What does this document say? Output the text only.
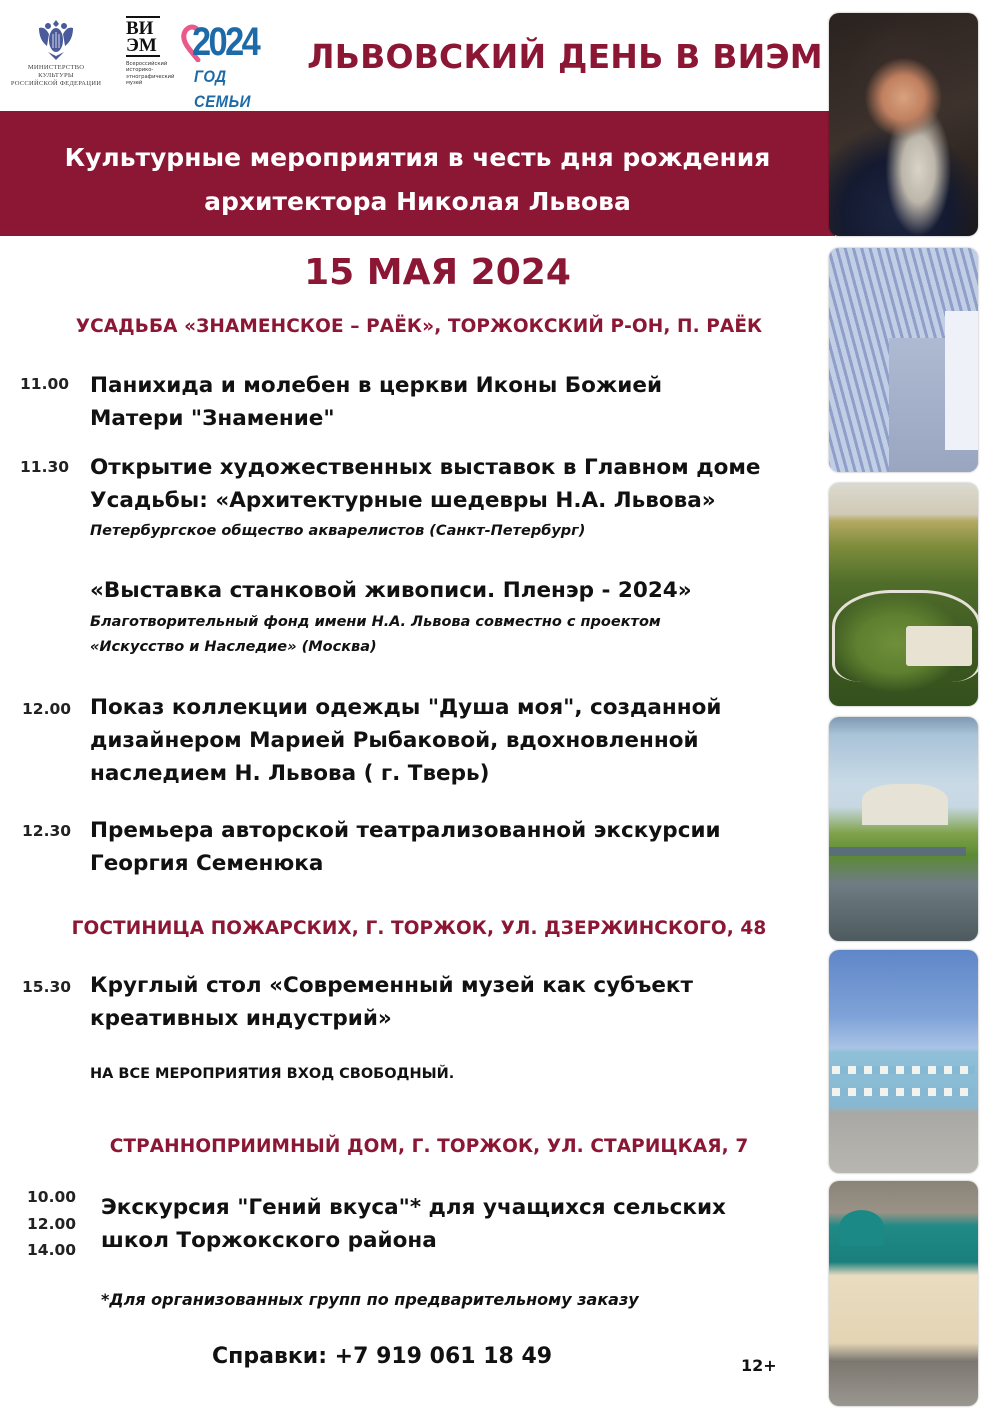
МИНИСТЕРСТВО КУЛЬТУРЫ
РОССИЙСКОЙ ФЕДЕРАЦИИ
ВИ
ЭМ
Всероссийский историко-этнографический музей
2024
ГОД СЕМЬИ
ЛЬВОВСКИЙ ДЕНЬ В ВИЭМ
Культурные мероприятия в честь дня рождения
архитектора Николая Львова
15 МАЯ 2024
УСАДЬБА «ЗНАМЕНСКОЕ – РАЁК», ТОРЖОКСКИЙ Р-ОН, П. РАЁК
11.00 Панихида и молебен в церкви Иконы Божией
Матери "Знамение"
11.30 Открытие художественных выставок в Главном доме
Усадьбы: «Архитектурные шедевры Н.А. Львова»
Петербургское общество акварелистов (Санкт-Петербург)
«Выставка станковой живописи. Пленэр - 2024»
Благотворительный фонд имени Н.А. Львова совместно с проектом
«Искусство и Наследие» (Москва)
12.00 Показ коллекции одежды "Душа моя", созданной
дизайнером Марией Рыбаковой, вдохновленной
наследием Н. Львова ( г. Тверь)
12.30 Премьера авторской театрализованной экскурсии
Георгия Семенюка
ГОСТИНИЦА ПОЖАРСКИХ, Г. ТОРЖОК, УЛ. ДЗЕРЖИНСКОГО, 48
15.30 Круглый стол «Современный музей как субъект
креативных индустрий»
НА ВСЕ МЕРОПРИЯТИЯ ВХОД СВОБОДНЫЙ.
СТРАННОПРИИМНЫЙ ДОМ, Г. ТОРЖОК, УЛ. СТАРИЦКАЯ, 7
10.00
12.00
14.00
Экскурсия "Гений вкуса"* для учащихся сельских
школ Торжокского района
*Для организованных групп по предварительному заказу
Справки: +7 919 061 18 49	12+
